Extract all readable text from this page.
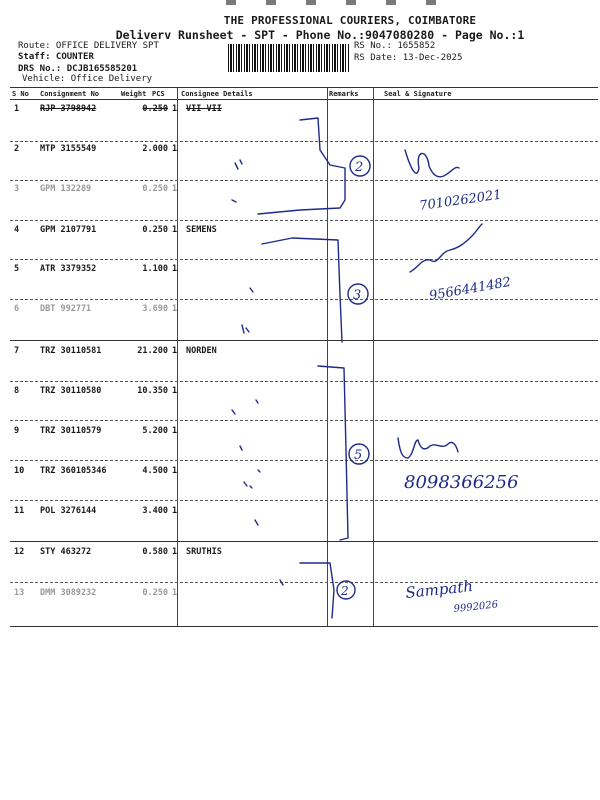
THE PROFESSIONAL COURIERS, COIMBATORE
Deliverv Runsheet - SPT - Phone No.:9047080280 - Page No.:1
Route: OFFICE DELIVERY SPT
Staff: COUNTER
DRS No.: DCJB165585201
Vehicle: Office Delivery
RS No.: 1655852
RS Date: 13-Dec-2025
S No Consignment No	Weight PCS Consignee Details	Remarks	Seal & Signature
1 RJP 3798942	0.250 1 VII VII
2 MTP 3155549	2.000 1
3 GPM 132289	0.250 1
4 GPM 2107791	0.250 1 SEMENS
5 ATR 3379352	1.100 1
6 DBT 992771	3.690 1
7 TRZ 30110581	21.200 1 NORDEN
8 TRZ 30110580	10.350 1
9 TRZ 30110579	5.200 1
10 TRZ 360105346	4.500 1
11 POL 3276144	3.400 1
12 STY 463272	0.580 1 SRUTHIS
13 DMM 3089232	0.250 1
2
7010262021
3	9566441482
5
8098366256
2	Sampath
9992026
